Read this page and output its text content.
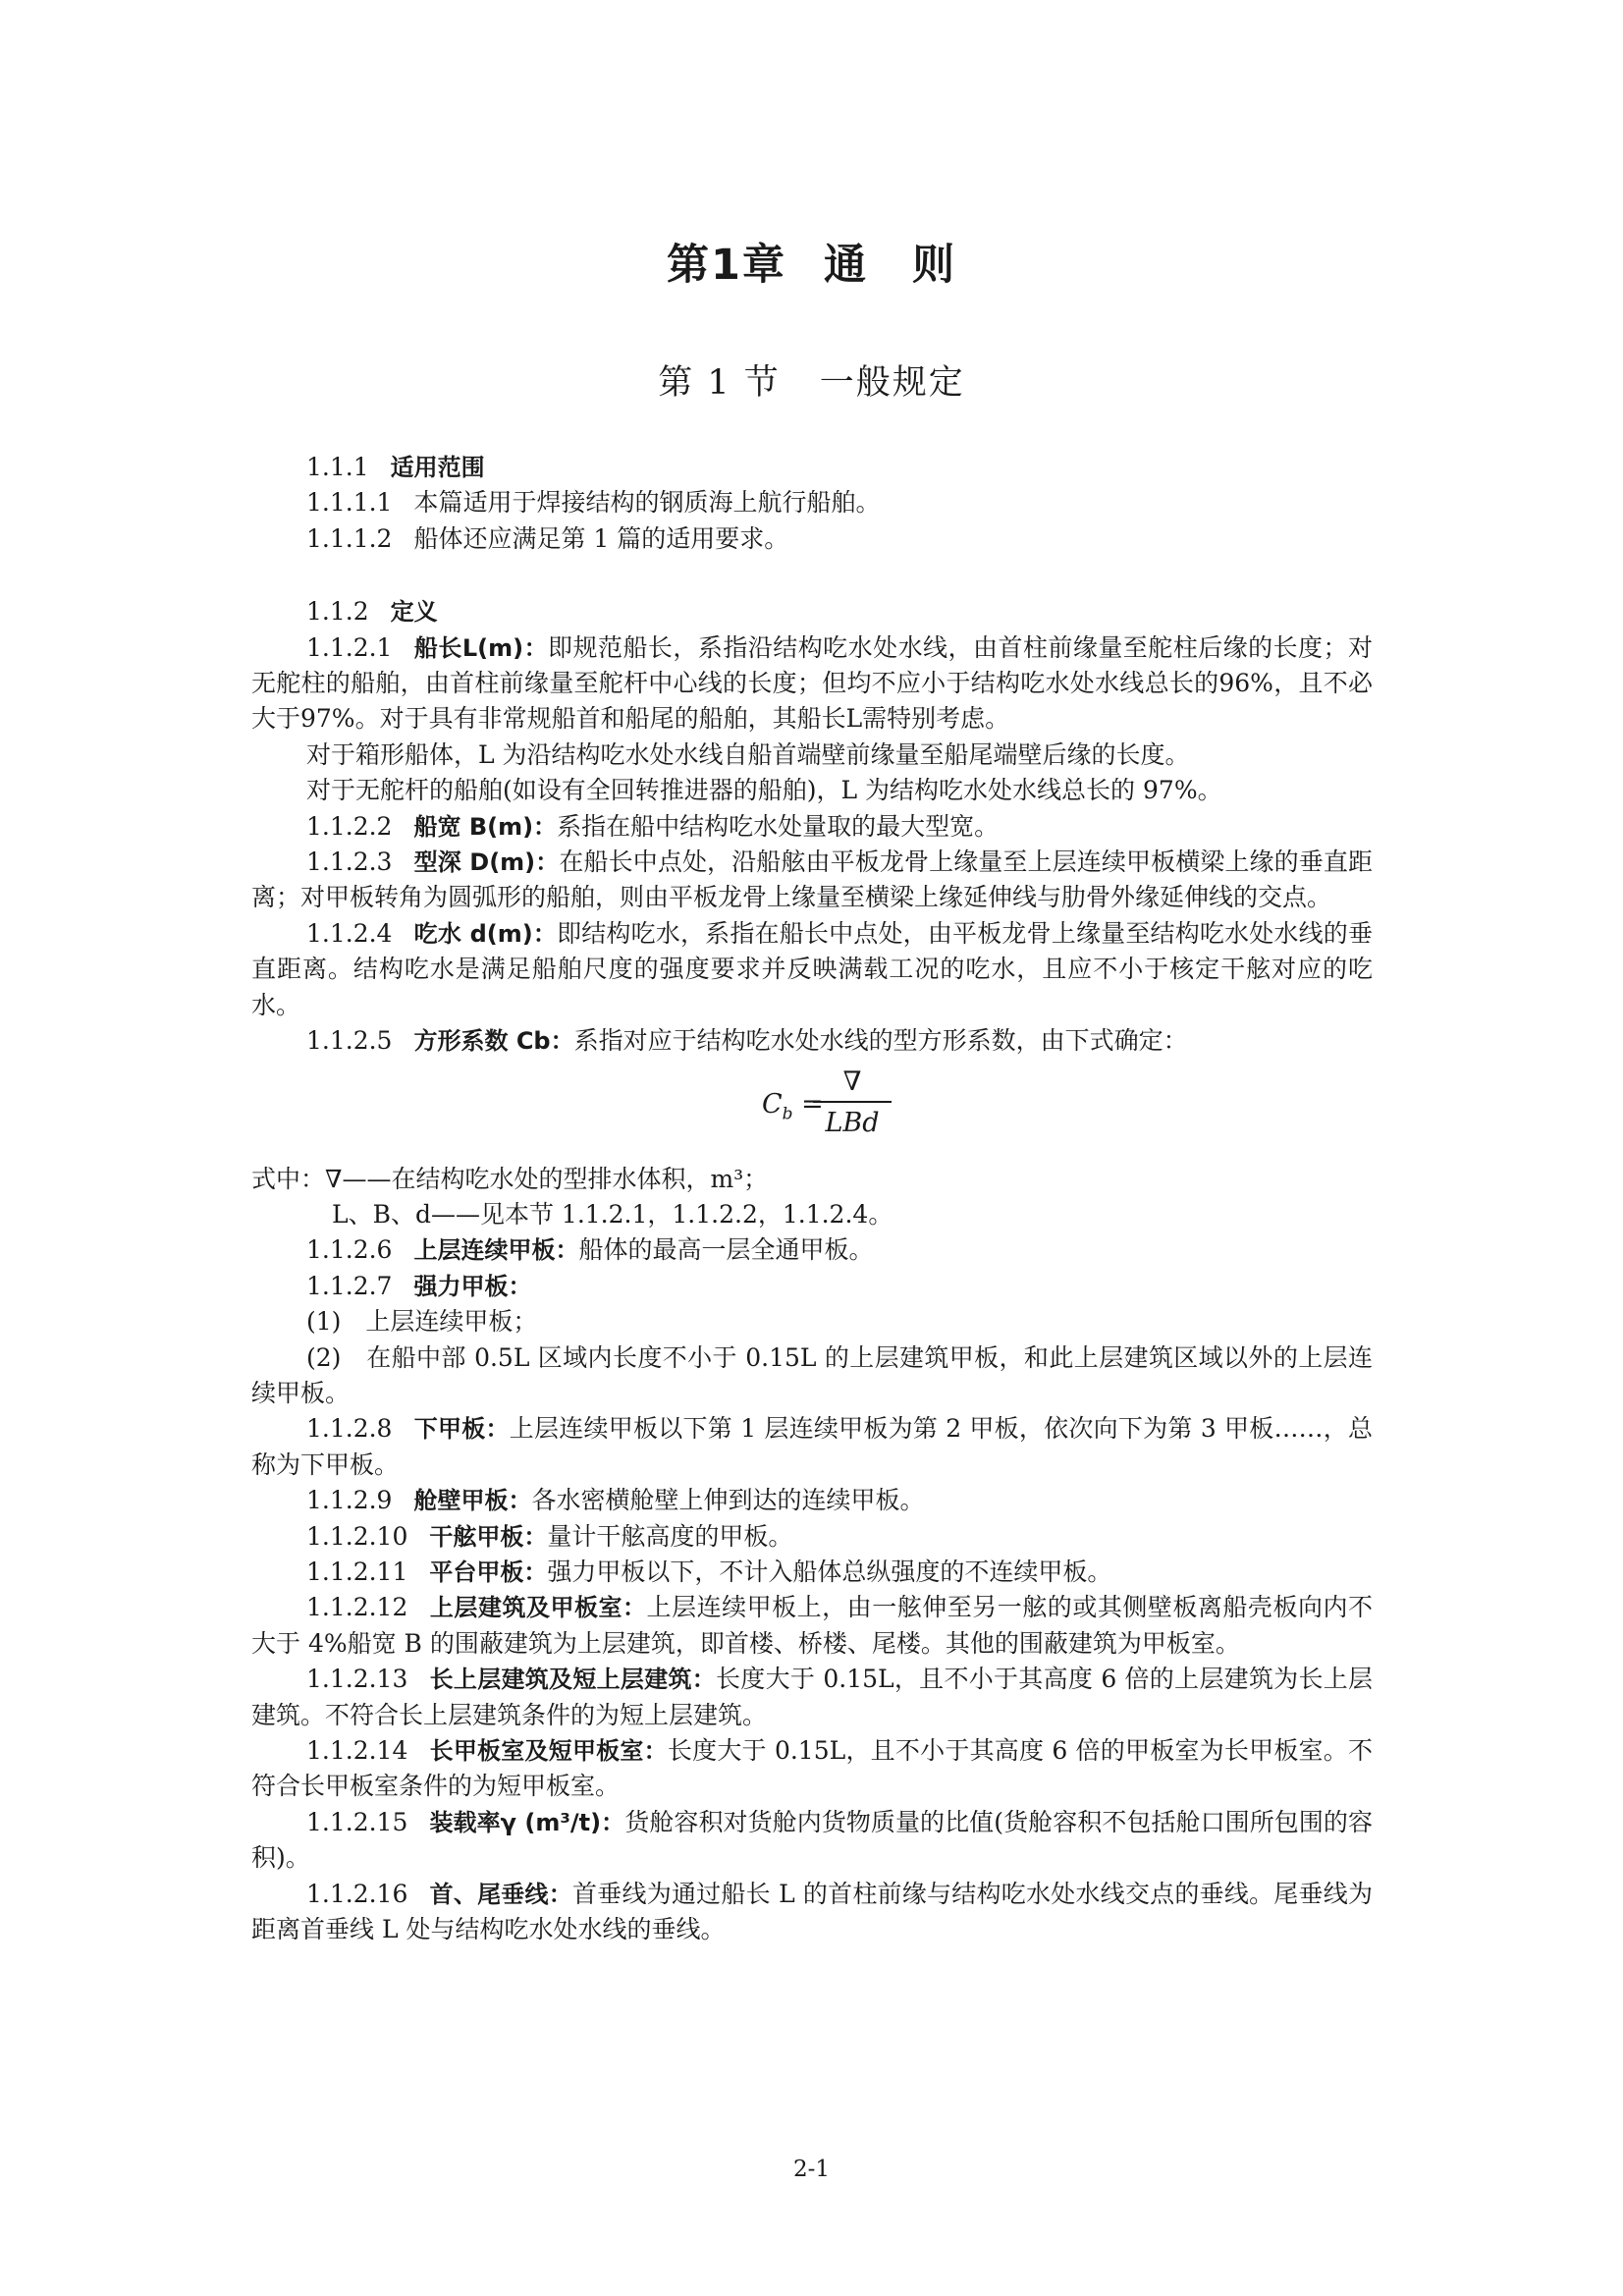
第1章 通　则
第 1 节 一般规定

1.1.1 适用范围

1.1.1.1 本篇适用于焊接结构的钢质海上航行船舶。

1.1.1.2 船体还应满足第 1 篇的适用要求。

1.1.2 定义

1.1.2.1 船长L(m)：即规范船长，系指沿结构吃水处水线，由首柱前缘量至舵柱后缘的长度；对无舵柱的船舶，由首柱前缘量至舵杆中心线的长度；但均不应小于结构吃水处水线总长的96%，且不必大于97%。对于具有非常规船首和船尾的船舶，其船长L需特别考虑。

对于箱形船体，L 为沿结构吃水处水线自船首端壁前缘量至船尾端壁后缘的长度。

对于无舵杆的船舶(如设有全回转推进器的船舶)，L 为结构吃水处水线总长的 97%。

1.1.2.2 船宽 B(m)：系指在船中结构吃水处量取的最大型宽。

1.1.2.3 型深 D(m)：在船长中点处，沿船舷由平板龙骨上缘量至上层连续甲板横梁上缘的垂直距离；对甲板转角为圆弧形的船舶，则由平板龙骨上缘量至横梁上缘延伸线与肋骨外缘延伸线的交点。

1.1.2.4 吃水 d(m)：即结构吃水，系指在船长中点处，由平板龙骨上缘量至结构吃水处水线的垂直距离。结构吃水是满足船舶尺度的强度要求并反映满载工况的吃水，且应不小于核定干舷对应的吃水。

1.1.2.5 方形系数 Cb：系指对应于结构吃水处水线的型方形系数，由下式确定：

$C_b$ =
∇
LBd

式中：∇——在结构吃水处的型排水体积，m³；

L、B、d——见本节 1.1.2.1，1.1.2.2，1.1.2.4。

1.1.2.6 上层连续甲板：船体的最高一层全通甲板。

1.1.2.7 强力甲板：

(1)　上层连续甲板；

(2)　在船中部 0.5L 区域内长度不小于 0.15L 的上层建筑甲板，和此上层建筑区域以外的上层连续甲板。

1.1.2.8 下甲板：上层连续甲板以下第 1 层连续甲板为第 2 甲板，依次向下为第 3 甲板……，总称为下甲板。

1.1.2.9 舱壁甲板：各水密横舱壁上伸到达的连续甲板。

1.1.2.10 干舷甲板：量计干舷高度的甲板。

1.1.2.11 平台甲板：强力甲板以下，不计入船体总纵强度的不连续甲板。

1.1.2.12 上层建筑及甲板室：上层连续甲板上，由一舷伸至另一舷的或其侧壁板离船壳板向内不大于 4%船宽 B 的围蔽建筑为上层建筑，即首楼、桥楼、尾楼。其他的围蔽建筑为甲板室。

1.1.2.13 长上层建筑及短上层建筑：长度大于 0.15L，且不小于其高度 6 倍的上层建筑为长上层建筑。不符合长上层建筑条件的为短上层建筑。

1.1.2.14 长甲板室及短甲板室：长度大于 0.15L，且不小于其高度 6 倍的甲板室为长甲板室。不符合长甲板室条件的为短甲板室。

1.1.2.15 装载率γ (m³/t)：货舱容积对货舱内货物质量的比值(货舱容积不包括舱口围所包围的容积)。

1.1.2.16 首、尾垂线：首垂线为通过船长 L 的首柱前缘与结构吃水处水线交点的垂线。尾垂线为距离首垂线 L 处与结构吃水处水线的垂线。

2-1
